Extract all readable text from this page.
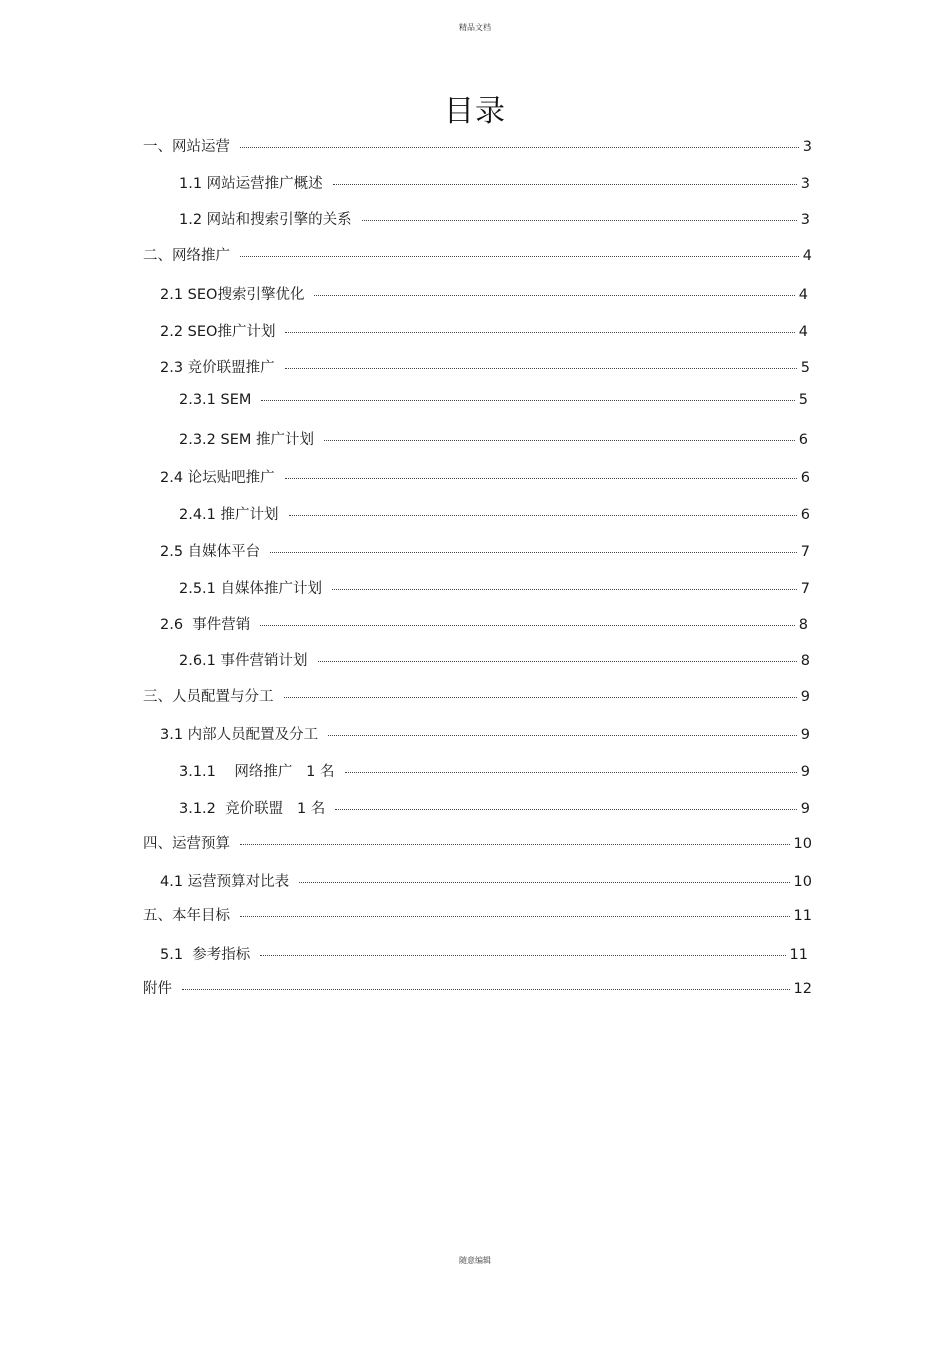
精品文档
目录
一、网站运营	3
1.1 网站运营推广概述	3
1.2 网站和搜索引擎的关系	3
二、网络推广	4
2.1 SEO搜索引擎优化	4
2.2 SEO推广计划	4
2.3 竞价联盟推广	5
2.3.1 SEM	5
2.3.2 SEM 推广计划	6
2.4 论坛贴吧推广	6
2.4.1 推广计划	6
2.5 自媒体平台	7
2.5.1 自媒体推广计划	7
2.6  事件营销	8
2.6.1 事件营销计划	8
三、人员配置与分工	9
3.1 内部人员配置及分工	9
3.1.1    网络推广   1 名	9
3.1.2  竞价联盟   1 名	9
四、运营预算	10
4.1 运营预算对比表	10
五、本年目标	11
5.1  参考指标	11
附件	12
随意编辑
